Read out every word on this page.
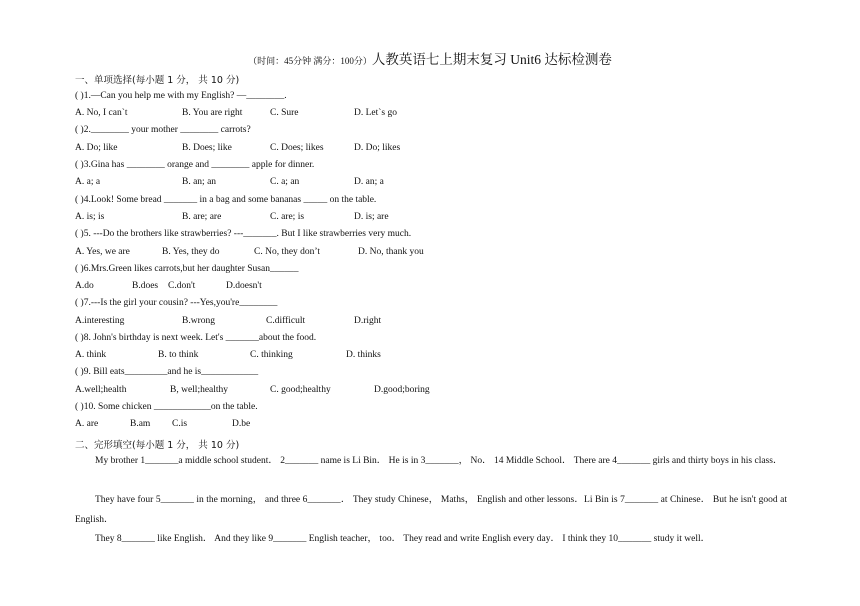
（时间：45分钟 满分：100分）人教英语七上期末复习 Unit6 达标检测卷
一、单项选择(每小题 1 分， 共 10 分)
( )1.—Can you help me with my English? —________.
A. No, I can`t	B. You are right	C. Sure	D. Let`s go
( )2.________ your mother ________ carrots?
A. Do; like	B. Does; like	C. Does; likes	D. Do; likes
( )3.Gina has ________ orange and ________ apple for dinner.
A. a; a	B. an; an	C. a; an	D. an; a
( )4.Look! Some bread _______ in a bag and some bananas _____ on the table.
A. is; is	B. are; are	C. are; is	D. is; are
( )5. ---Do the brothers like strawberries? ---_______. But I like strawberries very much.
A. Yes, we are	B. Yes, they do	C. No, they don’t	D. No, thank you
( )6.Mrs.Green likes carrots,but her daughter Susan______
A.do	B.does C.don't	D.doesn't
( )7.---Is the girl your cousin? ---Yes,you're________
A.interesting	B.wrong	C.difficult	D.right
( )8. John's birthday is next week. Let's _______about the food.
A. think	B. to think	C. thinking	D. thinks
( )9. Bill eats_________and he is____________
A.well;health	B, well;healthy	C. good;healthy	D.good;boring
( )10. Some chicken ____________on the table.
A. are	B.am C.is	D.be
二、完形填空(每小题 1 分， 共 10 分)
My brother 1_______a middle school student． 2_______ name is Li Bin． He is in 3_______， No． 14 Middle School． There are 4_______ girls and thirty boys in his class．
They have four 5_______ in the morning， and three 6_______． They study Chinese， Maths， English and other lessons．Li Bin is 7_______ at Chinese． But he isn't good at English．
They 8_______ like English． And they like 9_______ English teacher， too． They read and write English every day． I think they 10_______ study it well．
